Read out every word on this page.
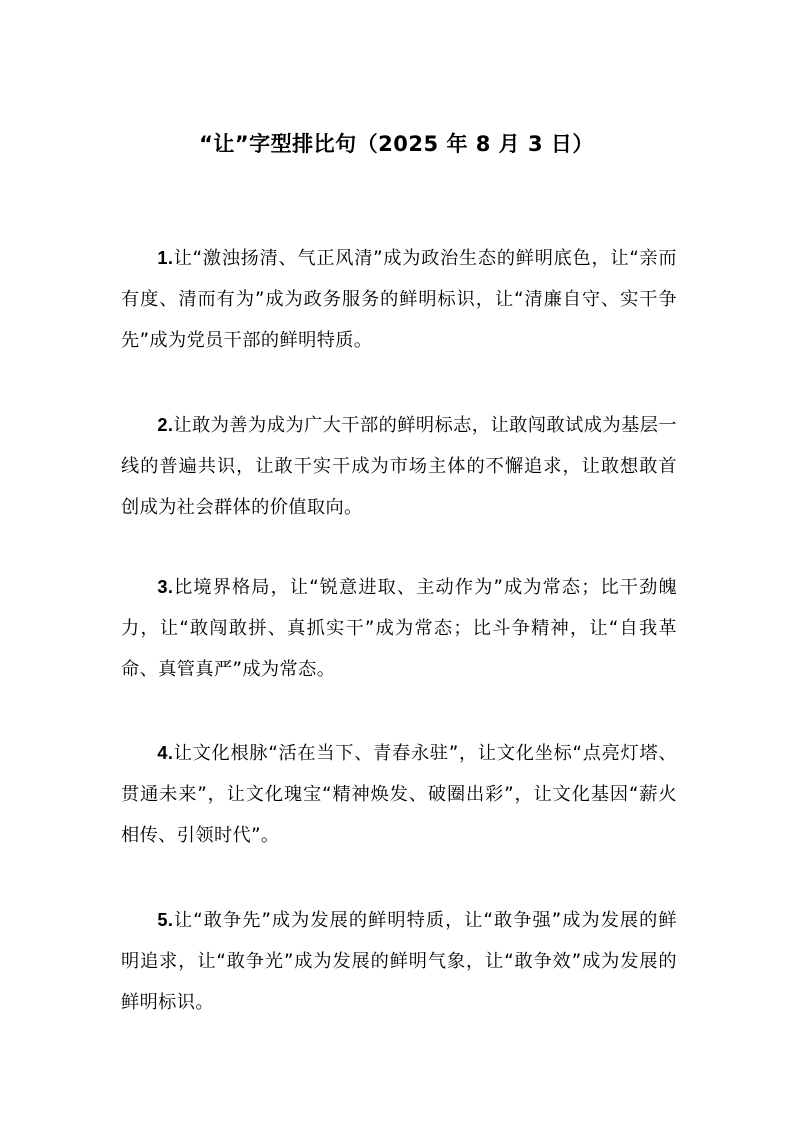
“让”字型排比句（2025 年 8 月 3 日）

1.让“激浊扬清、气正风清”成为政治生态的鲜明底色，让“亲而有度、清而有为”成为政务服务的鲜明标识，让“清廉自守、实干争先”成为党员干部的鲜明特质。

2.让敢为善为成为广大干部的鲜明标志，让敢闯敢试成为基层一线的普遍共识，让敢干实干成为市场主体的不懈追求，让敢想敢首创成为社会群体的价值取向。

3.比境界格局，让“锐意进取、主动作为”成为常态；比干劲魄力，让“敢闯敢拼、真抓实干”成为常态；比斗争精神，让“自我革命、真管真严”成为常态。

4.让文化根脉“活在当下、青春永驻”，让文化坐标“点亮灯塔、贯通未来”，让文化瑰宝“精神焕发、破圈出彩”，让文化基因“薪火相传、引领时代”。

5.让“敢争先”成为发展的鲜明特质，让“敢争强”成为发展的鲜明追求，让“敢争光”成为发展的鲜明气象，让“敢争效”成为发展的鲜明标识。
